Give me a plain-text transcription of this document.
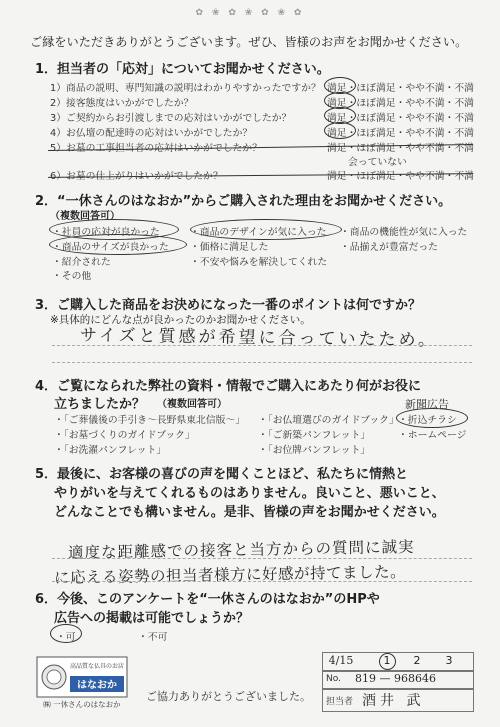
✿ ❀ ✿ ❀ ✿ ❀ ✿
ご縁をいただきありがとうございます。ぜひ、皆様のお声をお聞かせください。
1．担当者の「応対」についてお聞かせください。
1）商品の説明、専門知識の説明はわかりやすかったですか？ 満足・ほぼ満足・やや不満・不満
2）接客態度はいかがでしたか？	満足・ほぼ満足・やや不満・不満
3）ご契約からお引渡しまでの応対はいかがでしたか？	満足・ほぼ満足・やや不満・不満
4）お仏壇の配達時の応対はいかがでしたか？	満足・ほぼ満足・やや不満・不満
5）お墓の工事担当者の応対はいかがでしたか？	満足・ほぼ満足・やや不満・不満
会っていない
6）お墓の仕上がりはいかがでしたか？	満足・ほぼ満足・やや不満・不満
2．“一休さんのはなおか”からご購入された理由をお聞かせください。
（複数回答可）
・社員の応対が良かった	・商品のデザインが気に入った ・商品の機能性が気に入った
・商品のサイズが良かった ・価格に満足した	・品揃えが豊富だった
・紹介された	・不安や悩みを解決してくれた
・その他
3．ご購入した商品をお決めになった一番のポイントは何ですか？
※具体的にどんな点が良かったのかお聞かせください。
サイズと質感が希望に合っていたため。
4．ご覧になられた弊社の資料・情報でご購入にあたり何がお役に
立ちましたか？ （複数回答可）	新聞広告
・「ご葬儀後の手引き～長野県東北信版～」 ・「お仏壇選びのガイドブック」 ・折込チラシ
・「お墓づくりのガイドブック」	・「ご新築パンフレット」	・ホームページ
・「お洗濯パンフレット」	・「お位牌パンフレット」
5．最後に、お客様の喜びの声を聞くことほど、私たちに情熱と
やりがいを与えてくれるものはありません。良いこと、悪いこと、
どんなことでも構いません。是非、皆様の声をお聞かせください。
適度な距離感での接客と当方からの質問に誠実
に応える姿勢の担当者様方に好感が持てました。
6．今後、このアンケートを“一休さんのはなおか”のHPや
広告への掲載は可能でしょうか？
・可	・不可
高品質な仏具のお店
はなおか
㈱ 一休さんのはなおか
ご協力ありがとうございました。
4/15	1	2	3
No. 819 — 968646
担当者 酒井 武
